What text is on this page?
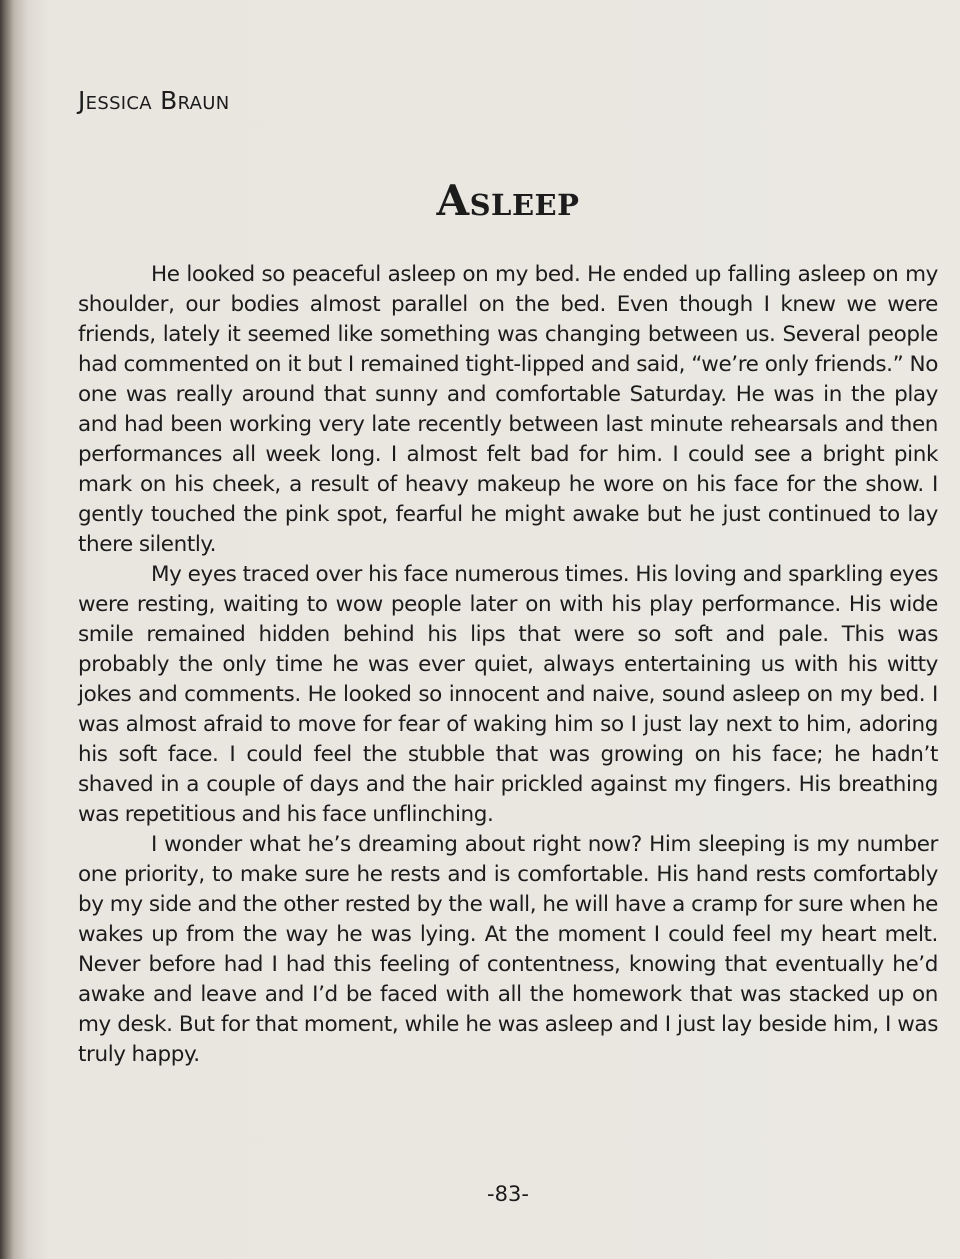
Jessica Braun
Asleep

He looked so peaceful asleep on my bed. He ended up falling asleep on my shoulder, our bodies almost parallel on the bed. Even though I knew we were friends, lately it seemed like something was changing between us. Several people had commented on it but I remained tight-lipped and said, “we’re only friends.” No one was really around that sunny and comfortable Saturday. He was in the play and had been working very late recently between last minute rehearsals and then performances all week long. I almost felt bad for him. I could see a bright pink mark on his cheek, a result of heavy makeup he wore on his face for the show. I gently touched the pink spot, fearful he might awake but he just continued to lay there silently.

My eyes traced over his face numerous times. His loving and sparkling eyes were resting, waiting to wow people later on with his play performance. His wide smile remained hidden behind his lips that were so soft and pale. This was probably the only time he was ever quiet, always entertaining us with his witty jokes and comments. He looked so innocent and naive, sound asleep on my bed. I was almost afraid to move for fear of waking him so I just lay next to him, adoring his soft face. I could feel the stubble that was growing on his face; he hadn’t shaved in a couple of days and the hair prickled against my fingers. His breathing was repetitious and his face unflinching.

I wonder what he’s dreaming about right now? Him sleeping is my number one priority, to make sure he rests and is comfortable. His hand rests comfortably by my side and the other rested by the wall, he will have a cramp for sure when he wakes up from the way he was lying. At the moment I could feel my heart melt. Never before had I had this feeling of contentness, knowing that eventually he’d awake and leave and I’d be faced with all the homework that was stacked up on my desk. But for that moment, while he was asleep and I just lay beside him, I was truly happy.

-83-
